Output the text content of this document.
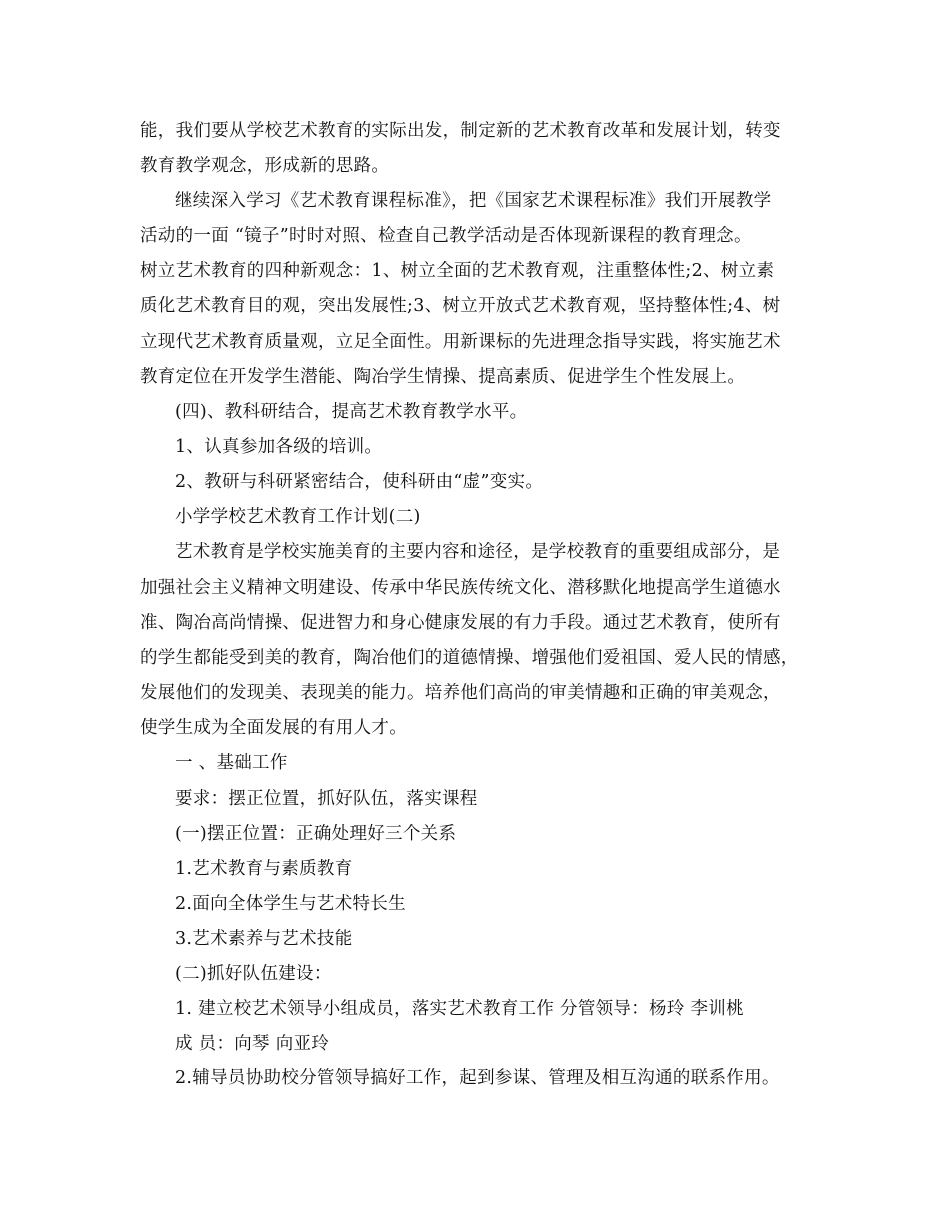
能，我们要从学校艺术教育的实际出发，制定新的艺术教育改革和发展计划，转变
教育教学观念，形成新的思路。
继续深入学习《艺术教育课程标准》，把《国家艺术课程标准》我们开展教学
活动的一面 “镜子”时时对照、检查自己教学活动是否体现新课程的教育理念。
树立艺术教育的四种新观念：1、树立全面的艺术教育观，注重整体性;2、树立素
质化艺术教育目的观，突出发展性;3、树立开放式艺术教育观，坚持整体性;4、树
立现代艺术教育质量观，立足全面性。用新课标的先进理念指导实践，将实施艺术
教育定位在开发学生潜能、陶冶学生情操、提高素质、促进学生个性发展上。
(四)、教科研结合，提高艺术教育教学水平。
1、认真参加各级的培训。
2、教研与科研紧密结合，使科研由“虚”变实。
小学学校艺术教育工作计划(二)
艺术教育是学校实施美育的主要内容和途径，是学校教育的重要组成部分，是
加强社会主义精神文明建设、传承中华民族传统文化、潜移默化地提高学生道德水
准、陶冶高尚情操、促进智力和身心健康发展的有力手段。通过艺术教育，使所有
的学生都能受到美的教育，陶冶他们的道德情操、增强他们爱祖国、爱人民的情感，
发展他们的发现美、表现美的能力。培养他们高尚的审美情趣和正确的审美观念，
使学生成为全面发展的有用人才。
一 、基础工作
要求：摆正位置，抓好队伍，落实课程
(一)摆正位置：正确处理好三个关系
1.艺术教育与素质教育
2.面向全体学生与艺术特长生
3.艺术素养与艺术技能
(二)抓好队伍建设：
1. 建立校艺术领导小组成员，落实艺术教育工作 分管领导：杨玲 李训桃
成 员：向琴 向亚玲
2.辅导员协助校分管领导搞好工作，起到参谋、管理及相互沟通的联系作用。
